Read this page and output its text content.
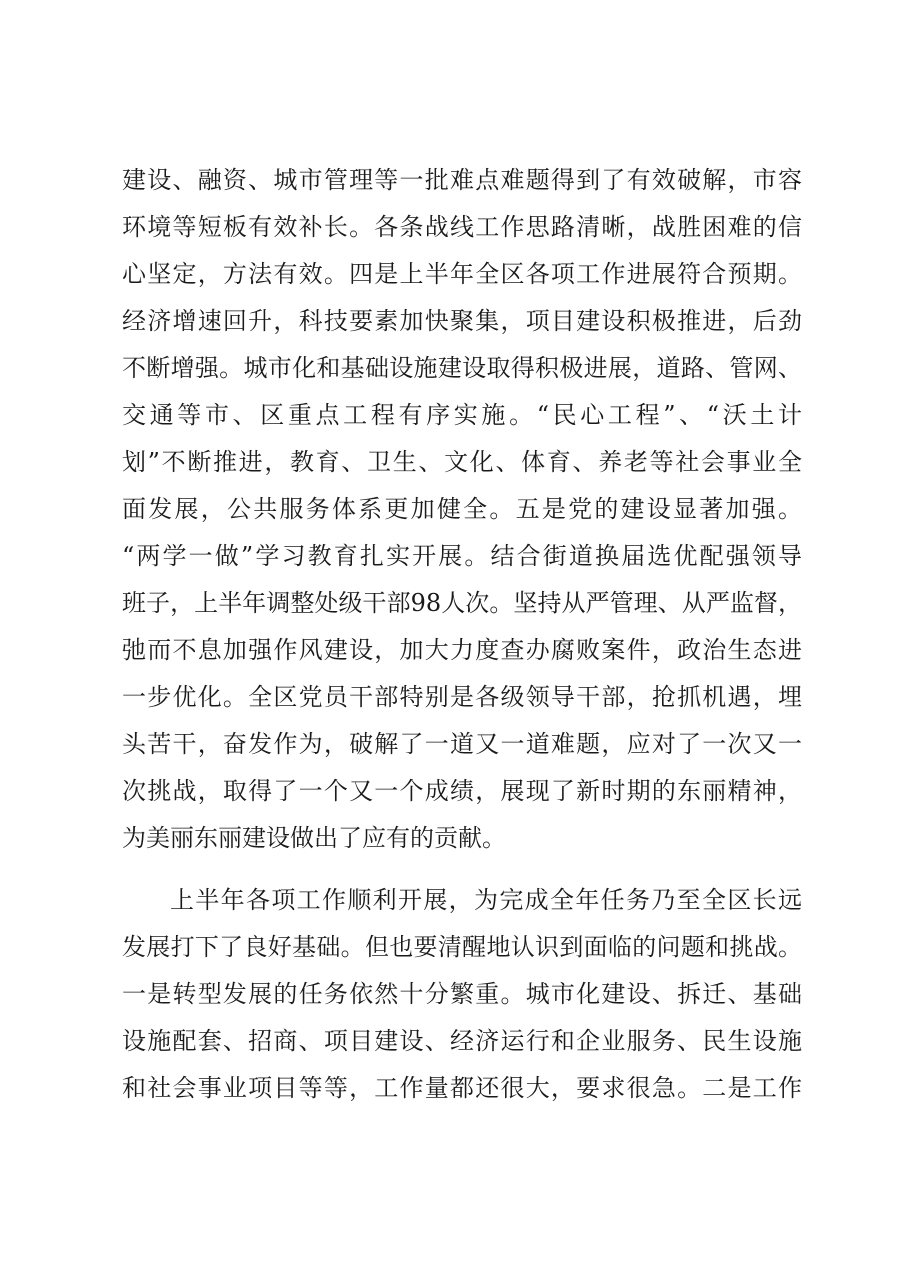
建设、融资、城市管理等一批难点难题得到了有效破解，市容
环境等短板有效补长。各条战线工作思路清晰，战胜困难的信
心坚定，方法有效。四是上半年全区各项工作进展符合预期。
经济增速回升，科技要素加快聚集，项目建设积极推进，后劲
不断增强。城市化和基础设施建设取得积极进展，道路、管网、
交通等市、区重点工程有序实施。“民心工程”、“沃土计
划”不断推进，教育、卫生、文化、体育、养老等社会事业全
面发展，公共服务体系更加健全。五是党的建设显著加强。
“两学一做”学习教育扎实开展。结合街道换届选优配强领导
班子，上半年调整处级干部98人次。坚持从严管理、从严监督，
弛而不息加强作风建设，加大力度查办腐败案件，政治生态进
一步优化。全区党员干部特别是各级领导干部，抢抓机遇，埋
头苦干，奋发作为，破解了一道又一道难题，应对了一次又一
次挑战，取得了一个又一个成绩，展现了新时期的东丽精神，
为美丽东丽建设做出了应有的贡献。
上半年各项工作顺利开展，为完成全年任务乃至全区长远
发展打下了良好基础。但也要清醒地认识到面临的问题和挑战。
一是转型发展的任务依然十分繁重。城市化建设、拆迁、基础
设施配套、招商、项目建设、经济运行和企业服务、民生设施
和社会事业项目等等，工作量都还很大，要求很急。二是工作
